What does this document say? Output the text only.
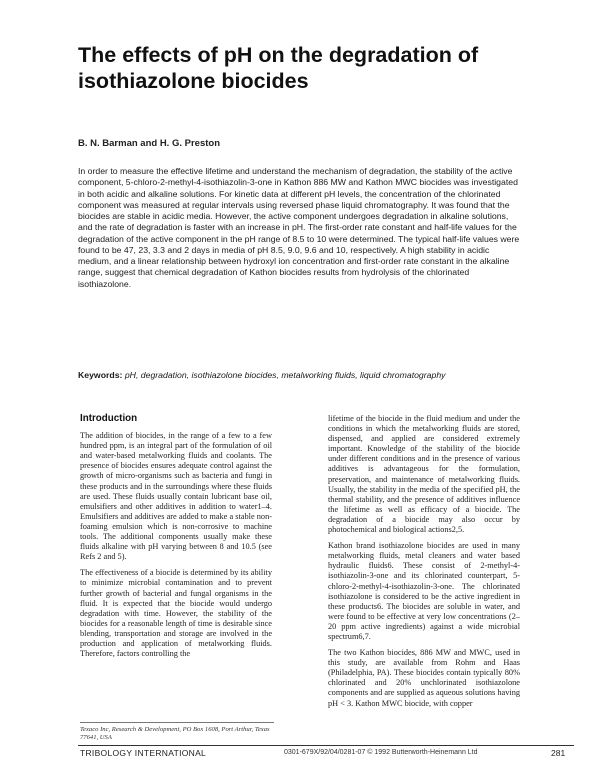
The effects of pH on the degradation of isothiazolone biocides
B. N. Barman and H. G. Preston

In order to measure the effective lifetime and understand the mechanism of degradation, the stability of the active component, 5-chloro-2-methyl-4-isothiazolin-3-one in Kathon 886 MW and Kathon MWC biocides was investigated in both acidic and alkaline solutions. For kinetic data at different pH levels, the concentration of the chlorinated component was measured at regular intervals using reversed phase liquid chromatography. It was found that the biocides are stable in acidic media. However, the active component undergoes degradation in alkaline solutions, and the rate of degradation is faster with an increase in pH. The first-order rate constant and half-life values for the degradation of the active component in the pH range of 8.5 to 10 were determined. The typical half-life values were found to be 47, 23, 3.3 and 2 days in media of pH 8.5, 9.0, 9.6 and 10, respectively. A high stability in acidic medium, and a linear relationship between hydroxyl ion concentration and first-order rate constant in the alkaline range, suggest that chemical degradation of Kathon biocides results from hydrolysis of the chlorinated isothiazolone.

Keywords: pH, degradation, isothiazolone biocides, metalworking fluids, liquid chromatography

Introduction

The addition of biocides, in the range of a few to a few hundred ppm, is an integral part of the formulation of oil and water-based metalworking fluids and coolants. The presence of biocides ensures adequate control against the growth of micro-organisms such as bacteria and fungi in these products and in the surroundings where these fluids are used. These fluids usually contain lubricant base oil, emulsifiers and other additives in addition to water1–4. Emulsifiers and additives are added to make a stable non-foaming emulsion which is non-corrosive to machine tools. The additional components usually make these fluids alkaline with pH varying between 8 and 10.5 (see Refs 2 and 5).

The effectiveness of a biocide is determined by its ability to minimize microbial contamination and to prevent further growth of bacterial and fungal organisms in the fluid. It is expected that the biocide would undergo degradation with time. However, the stability of the biocides for a reasonable length of time is desirable since blending, transportation and storage are involved in the production and application of metalworking fluids. Therefore, factors controlling the

lifetime of the biocide in the fluid medium and under the conditions in which the metalworking fluids are stored, dispensed, and applied are considered extremely important. Knowledge of the stability of the biocide under different conditions and in the presence of various additives is advantageous for the formulation, preservation, and maintenance of metalworking fluids. Usually, the stability in the media of the specified pH, the thermal stability, and the presence of additives influence the lifetime as well as efficacy of a biocide. The degradation of a biocide may also occur by photochemical and biological actions2,5.

Kathon brand isothiazolone biocides are used in many metalworking fluids, metal cleaners and water based hydraulic fluids6. These consist of 2-methyl-4-isothiazolin-3-one and its chlorinated counterpart, 5-chloro-2-methyl-4-isothiazolin-3-one. The chlorinated isothiazolone is considered to be the active ingredient in these products6. The biocides are soluble in water, and were found to be effective at very low concentrations (2–20 ppm active ingredients) against a wide microbial spectrum6,7.

The two Kathon biocides, 886 MW and MWC, used in this study, are available from Rohm and Haas (Philadelphia, PA). These biocides contain typically 80% chlorinated and 20% unchlorinated isothiazolone components and are supplied as aqueous solutions having pH < 3. Kathon MWC biocide, with copper

Texaco Inc, Research & Development, PO Box 1608, Port Arthur, Texas 77641, USA
TRIBOLOGY INTERNATIONAL	0301-679X/92/04/0281-07 © 1992 Butterworth-Heinemann Ltd	281
